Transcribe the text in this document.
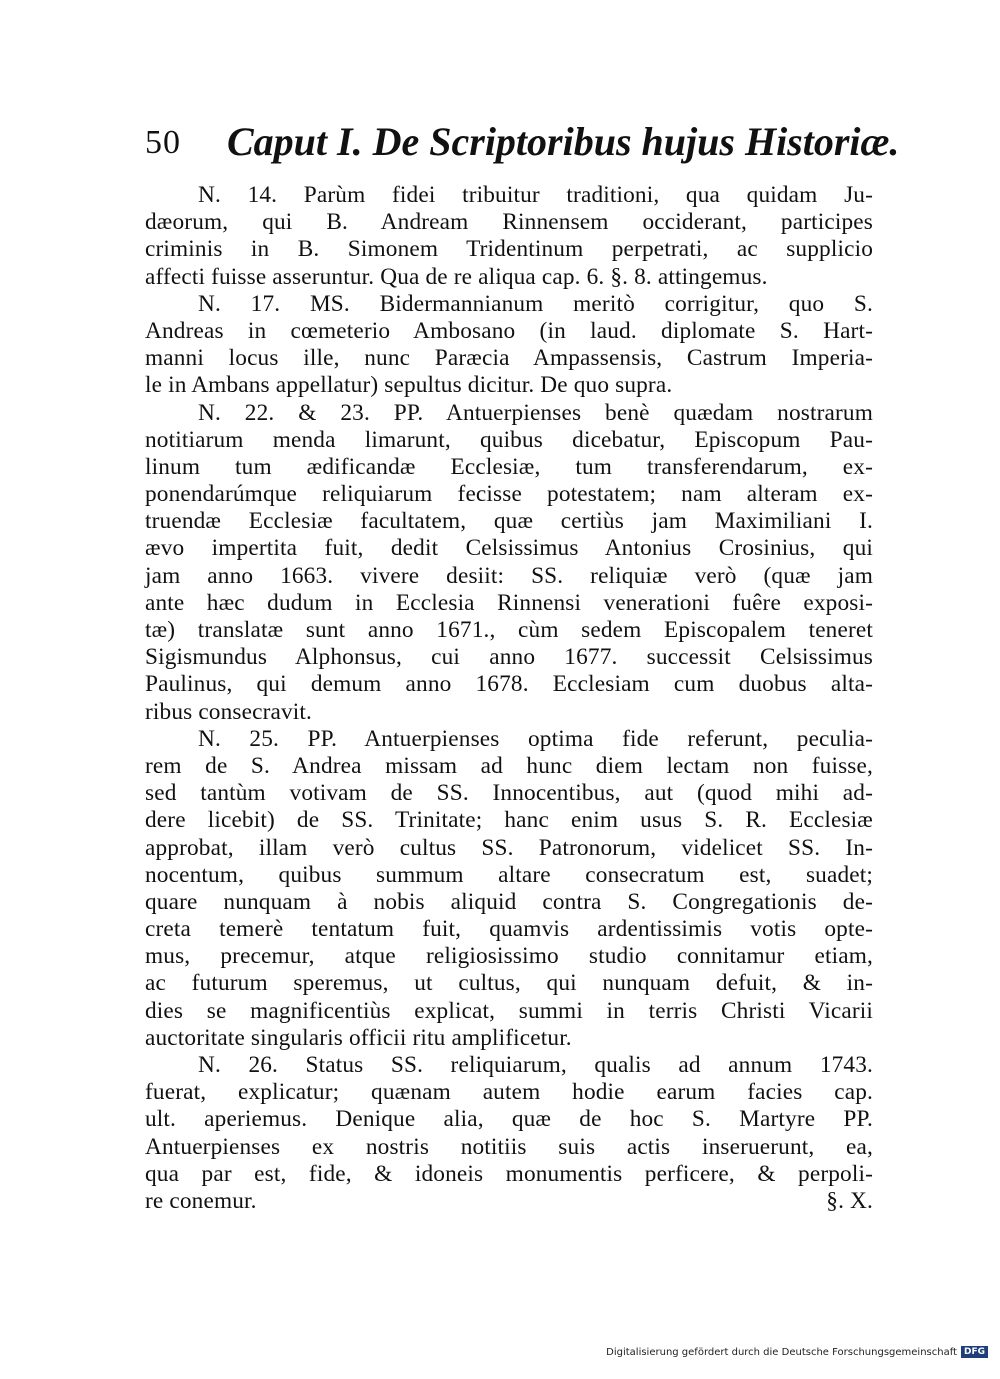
50 Caput I. De Scriptoribus hujus Historiæ.
N. 14. Parùm fidei tribuitur traditioni, qua quidam Ju-
dæorum, qui B. Andream Rinnensem occiderant, participes
criminis in B. Simonem Tridentinum perpetrati, ac supplicio
affecti fuisse asseruntur. Qua de re aliqua cap. 6. §. 8. attingemus.
N. 17. MS. Bidermannianum meritò corrigitur, quo S.
Andreas in cœmeterio Ambosano (in laud. diplomate S. Hart-
manni locus ille, nunc Paræcia Ampassensis, Castrum Imperia-
le in Ambans appellatur) sepultus dicitur. De quo supra.
N. 22. & 23. PP. Antuerpienses benè quædam nostrarum
notitiarum menda limarunt, quibus dicebatur, Episcopum Pau-
linum tum ædificandæ Ecclesiæ, tum transferendarum, ex-
ponendarúmque reliquiarum fecisse potestatem; nam alteram ex-
truendæ Ecclesiæ facultatem, quæ certiùs jam Maximiliani I.
ævo impertita fuit, dedit Celsissimus Antonius Crosinius, qui
jam anno 1663. vivere desiit: SS. reliquiæ verò (quæ jam
ante hæc dudum in Ecclesia Rinnensi venerationi fuêre exposi-
tæ) translatæ sunt anno 1671., cùm sedem Episcopalem teneret
Sigismundus Alphonsus, cui anno 1677. successit Celsissimus
Paulinus, qui demum anno 1678. Ecclesiam cum duobus alta-
ribus consecravit.
N. 25. PP. Antuerpienses optima fide referunt, peculia-
rem de S. Andrea missam ad hunc diem lectam non fuisse,
sed tantùm votivam de SS. Innocentibus, aut (quod mihi ad-
dere licebit) de SS. Trinitate; hanc enim usus S. R. Ecclesiæ
approbat, illam verò cultus SS. Patronorum, videlicet SS. In-
nocentum, quibus summum altare consecratum est, suadet;
quare nunquam à nobis aliquid contra S. Congregationis de-
creta temerè tentatum fuit, quamvis ardentissimis votis opte-
mus, precemur, atque religiosissimo studio connitamur etiam,
ac futurum speremus, ut cultus, qui nunquam defuit, & in-
dies se magnificentiùs explicat, summi in terris Christi Vicarii
auctoritate singularis officii ritu amplificetur.
N. 26. Status SS. reliquiarum, qualis ad annum 1743.
fuerat, explicatur; quænam autem hodie earum facies cap.
ult. aperiemus. Denique alia, quæ de hoc S. Martyre PP.
Antuerpienses ex nostris notitiis suis actis inseruerunt, ea,
qua par est, fide, & idoneis monumentis perficere, & perpoli-
re conemur.	§. X.
Digitalisierung gefördert durch die Deutsche Forschungsgemeinschaft DFG
